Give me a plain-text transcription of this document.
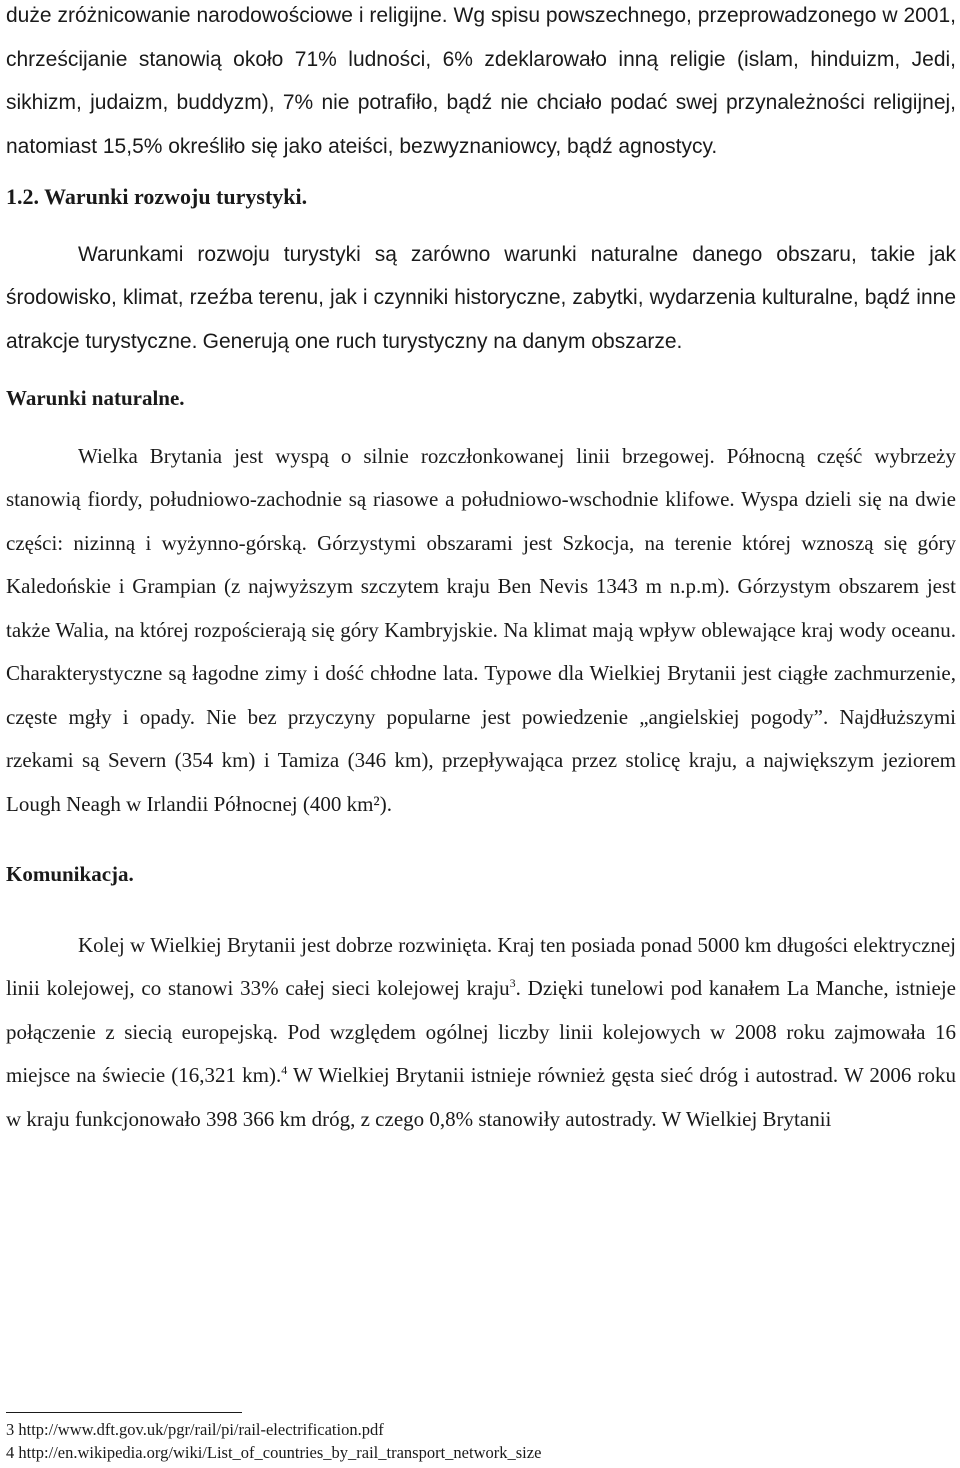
duże zróżnicowanie narodowościowe i religijne. Wg spisu powszechnego, przeprowadzonego w 2001, chrześcijanie stanowią około 71% ludności, 6% zdeklarowało inną religie (islam, hinduizm, Jedi, sikhizm, judaizm, buddyzm), 7% nie potrafiło, bądź nie chciało podać swej przynależności religijnej, natomiast 15,5% określiło się jako ateiści, bezwyznaniowcy, bądź agnostycy.

1.2. Warunki rozwoju turystyki.

Warunkami rozwoju turystyki są zarówno warunki naturalne danego obszaru, takie jak środowisko, klimat, rzeźba terenu, jak i czynniki historyczne, zabytki, wydarzenia kulturalne, bądź inne atrakcje turystyczne. Generują one ruch turystyczny na danym obszarze.

Warunki naturalne.

Wielka Brytania jest wyspą o silnie rozczłonkowanej linii brzegowej. Północną część wybrzeży stanowią fiordy, południowo-zachodnie są riasowe a południowo-wschodnie klifowe. Wyspa dzieli się na dwie części: nizinną i wyżynno-górską. Górzystymi obszarami jest Szkocja, na terenie której wznoszą się góry Kaledońskie i Grampian (z najwyższym szczytem kraju Ben Nevis 1343 m n.p.m). Górzystym obszarem jest także Walia, na której rozpościerają się góry Kambryjskie. Na klimat mają wpływ oblewające kraj wody oceanu. Charakterystyczne są łagodne zimy i dość chłodne lata. Typowe dla Wielkiej Brytanii jest ciągłe zachmurzenie, częste mgły i opady. Nie bez przyczyny popularne jest powiedzenie „angielskiej pogody”. Najdłuższymi rzekami są Severn (354 km) i Tamiza (346 km), przepływająca przez stolicę kraju, a największym jeziorem Lough Neagh w Irlandii Północnej (400 km²).

Komunikacja.

Kolej w Wielkiej Brytanii jest dobrze rozwinięta. Kraj ten posiada ponad 5000 km długości elektrycznej linii kolejowej, co stanowi 33% całej sieci kolejowej kraju$^3$. Dzięki tunelowi pod kanałem La Manche, istnieje połączenie z siecią europejską. Pod względem ogólnej liczby linii kolejowych w 2008 roku zajmowała 16 miejsce na świecie (16,321 km).$^4$ W Wielkiej Brytanii istnieje również gęsta sieć dróg i autostrad. W 2006 roku w kraju funkcjonowało 398 366 km dróg, z czego 0,8% stanowiły autostrady. W Wielkiej Brytanii

3 http://www.dft.gov.uk/pgr/rail/pi/rail-electrification.pdf
4 http://en.wikipedia.org/wiki/List_of_countries_by_rail_transport_network_size
